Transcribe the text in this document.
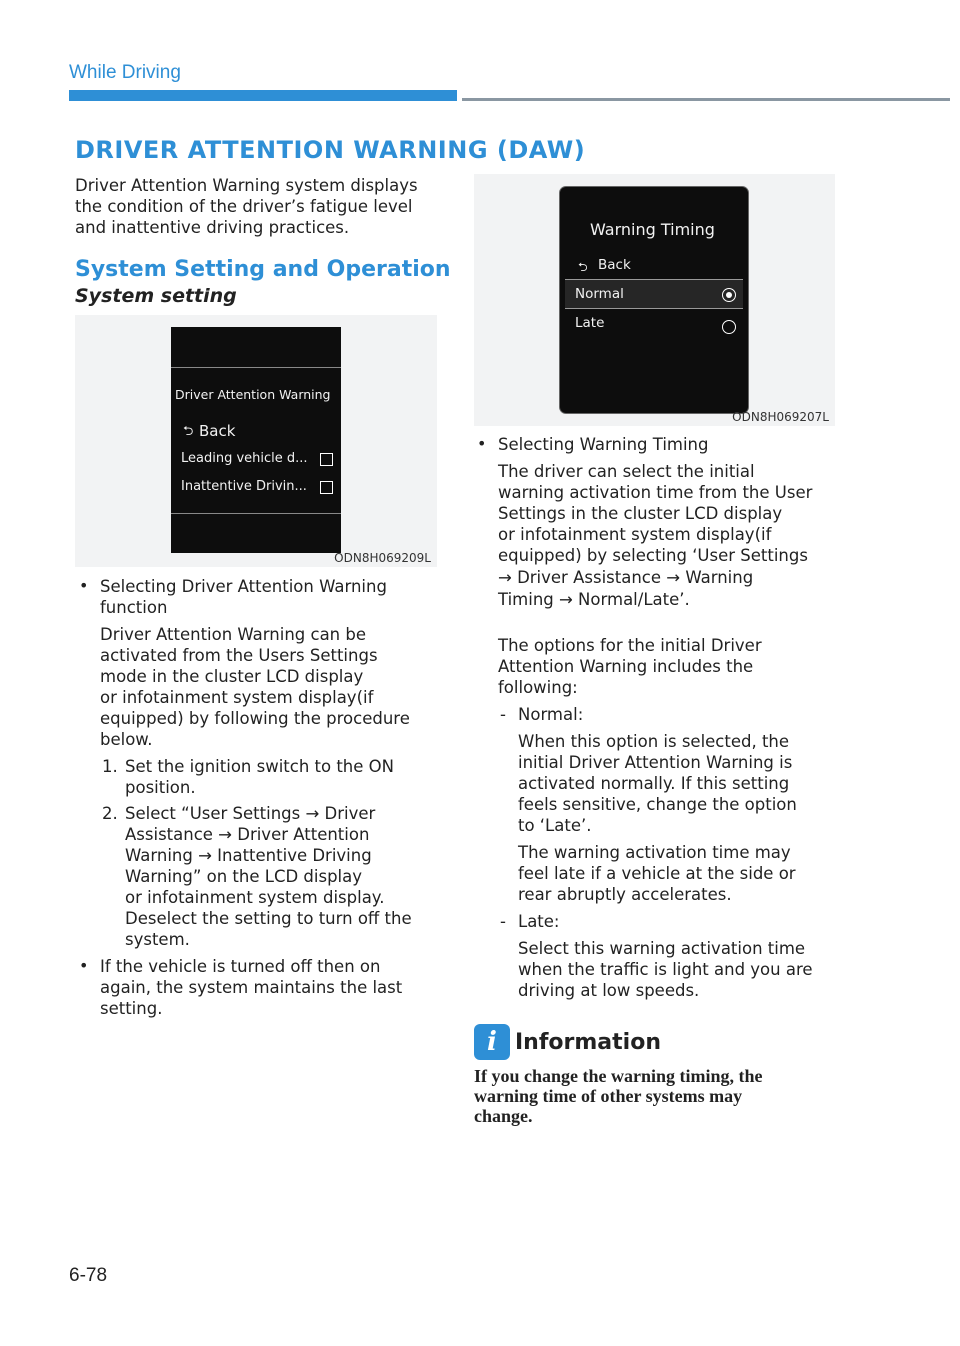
While Driving
DRIVER ATTENTION WARNING (DAW)
Driver Attention Warning system displays the condition of the driver’s fatigue level and inattentive driving practices.
System Setting and Operation
System setting
Driver Attention Warning
⮌ Back
Leading vehicle d...
Inattentive Drivin...
ODN8H069209L
• Selecting Driver Attention Warning
function
Driver Attention Warning can be
activated from the Users Settings
mode in the cluster LCD display
or infotainment system display(if
equipped) by following the procedure
below.
1. Set the ignition switch to the ON
position.
2. Select “User Settings → Driver
Assistance → Driver Attention
Warning → Inattentive Driving
Warning” on the LCD display
or infotainment system display.
Deselect the setting to turn off the
system.
• If the vehicle is turned off then on
again, the system maintains the last
setting.
Warning Timing
⮌ Back
Normal
Late
ODN8H069207L
• Selecting Warning Timing
The driver can select the initial
warning activation time from the User
Settings in the cluster LCD display
or infotainment system display(if
equipped) by selecting ‘User Settings
→ Driver Assistance → Warning
Timing → Normal/Late’.
The options for the initial Driver
Attention Warning includes the
following:
- Normal:
When this option is selected, the
initial Driver Attention Warning is
activated normally. If this setting
feels sensitive, change the option
to ‘Late’.
The warning activation time may
feel late if a vehicle at the side or
rear abruptly accelerates.
- Late:
Select this warning activation time
when the traffic is light and you are
driving at low speeds.
i Information
If you change the warning timing, the warning time of other systems may change.
6-78
